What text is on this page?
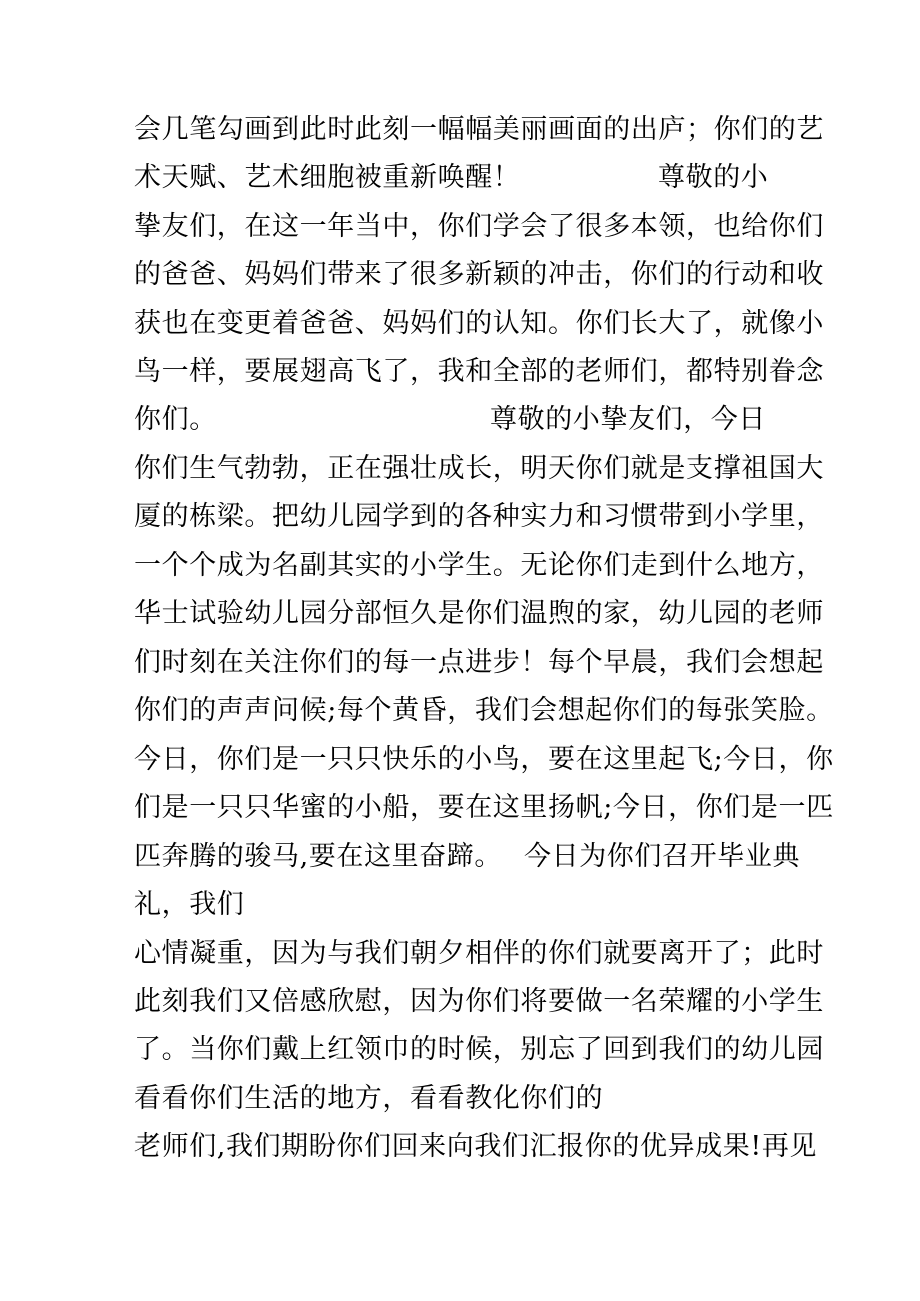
会几笔勾画到此时此刻一幅幅美丽画面的出庐；你们的艺

术天赋、艺术细胞被重新唤醒！

	尊敬的小

挚友们，在这一年当中，你们学会了很多本领，也给你们

的爸爸、妈妈们带来了很多新颖的冲击，你们的行动和收

获也在变更着爸爸、妈妈们的认知。你们长大了，就像小

鸟一样，要展翅高飞了，我和全部的老师们，都特别眷念

你们。

	尊敬的小挚友们，今日

你们生气勃勃，正在强壮成长，明天你们就是支撑祖国大

厦的栋梁。把幼儿园学到的各种实力和习惯带到小学里，

一个个成为名副其实的小学生。无论你们走到什么地方，

华士试验幼儿园分部恒久是你们温煦的家，幼儿园的老师

们时刻在关注你们的每一点进步！每个早晨，我们会想起

你们的声声问候;每个黄昏，我们会想起你们的每张笑脸。

今日，你们是一只只快乐的小鸟，要在这里起飞;今日，你

们是一只只华蜜的小船，要在这里扬帆;今日，你们是一匹

匹奔腾的骏马,要在这里奋蹄。

今日为你们召开毕业典

礼，我们

心情凝重，因为与我们朝夕相伴的你们就要离开了；此时

此刻我们又倍感欣慰，因为你们将要做一名荣耀的小学生

了。当你们戴上红领巾的时候，别忘了回到我们的幼儿园

看看你们生活的地方，看看教化你们的

老师们,我们期盼你们回来向我们汇报你的优异成果!再见
